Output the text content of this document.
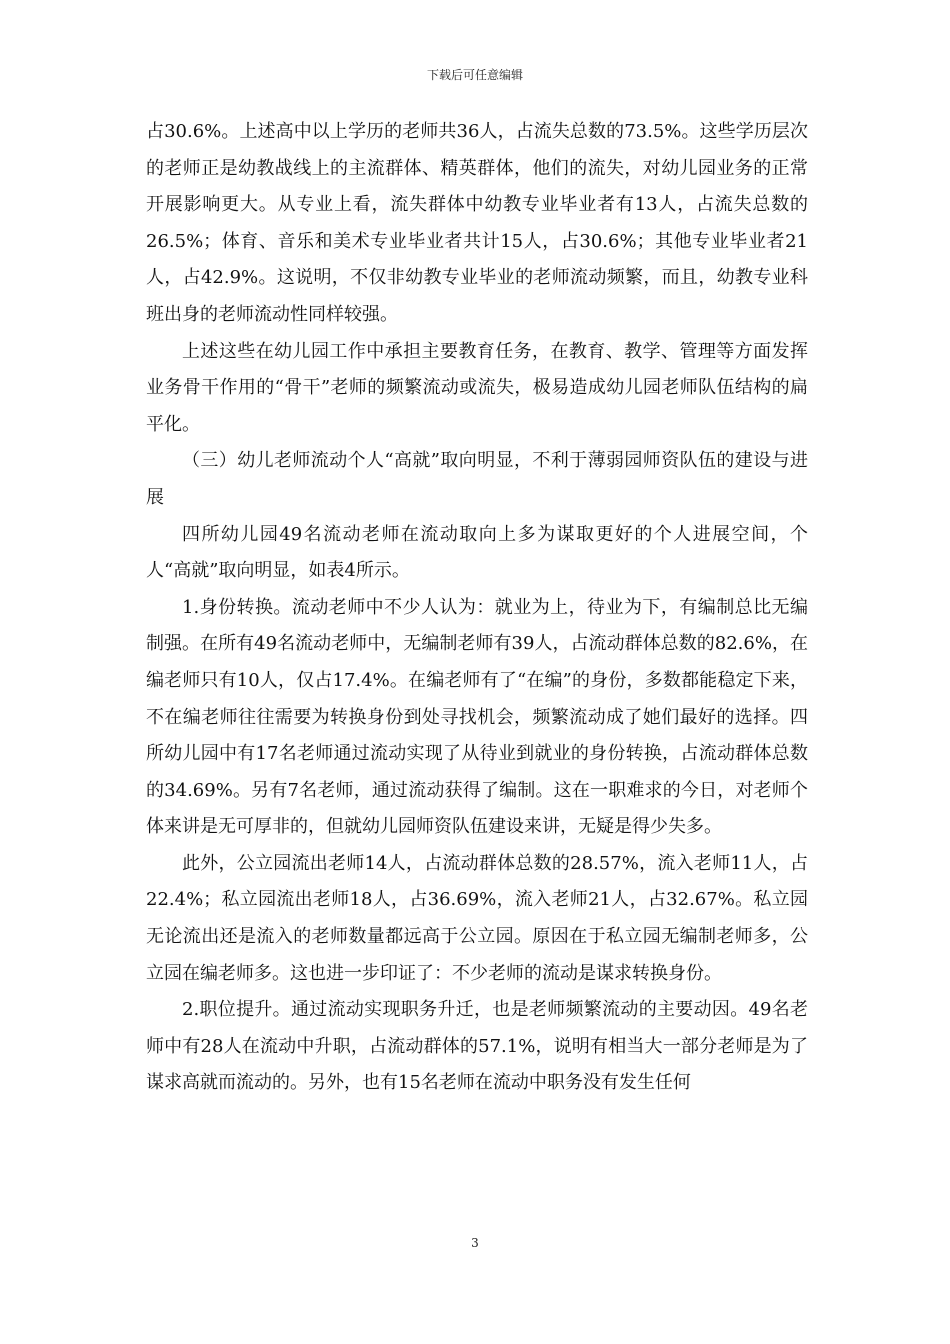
下载后可任意编辑

占30.6%。上述高中以上学历的老师共36人，占流失总数的73.5%。这些学历层次的老师正是幼教战线上的主流群体、精英群体，他们的流失，对幼儿园业务的正常开展影响更大。从专业上看，流失群体中幼教专业毕业者有13人，占流失总数的26.5%；体育、音乐和美术专业毕业者共计15人，占30.6%；其他专业毕业者21人，占42.9%。这说明，不仅非幼教专业毕业的老师流动频繁，而且，幼教专业科班出身的老师流动性同样较强。

上述这些在幼儿园工作中承担主要教育任务，在教育、教学、管理等方面发挥业务骨干作用的“骨干”老师的频繁流动或流失，极易造成幼儿园老师队伍结构的扁平化。

（三）幼儿老师流动个人“高就”取向明显，不利于薄弱园师资队伍的建设与进展

四所幼儿园49名流动老师在流动取向上多为谋取更好的个人进展空间，个人“高就”取向明显，如表4所示。

1.身份转换。流动老师中不少人认为：就业为上，待业为下，有编制总比无编制强。在所有49名流动老师中，无编制老师有39人，占流动群体总数的82.6%，在编老师只有10人，仅占17.4%。在编老师有了“在编”的身份，多数都能稳定下来，不在编老师往往需要为转换身份到处寻找机会，频繁流动成了她们最好的选择。四所幼儿园中有17名老师通过流动实现了从待业到就业的身份转换，占流动群体总数的34.69%。另有7名老师，通过流动获得了编制。这在一职难求的今日，对老师个体来讲是无可厚非的，但就幼儿园师资队伍建设来讲，无疑是得少失多。

此外，公立园流出老师14人，占流动群体总数的28.57%，流入老师11人，占22.4%；私立园流出老师18人，占36.69%，流入老师21人，占32.67%。私立园无论流出还是流入的老师数量都远高于公立园。原因在于私立园无编制老师多，公立园在编老师多。这也进一步印证了：不少老师的流动是谋求转换身份。

2.职位提升。通过流动实现职务升迁，也是老师频繁流动的主要动因。49名老师中有28人在流动中升职，占流动群体的57.1%，说明有相当大一部分老师是为了谋求高就而流动的。另外，也有15名老师在流动中职务没有发生任何

3
